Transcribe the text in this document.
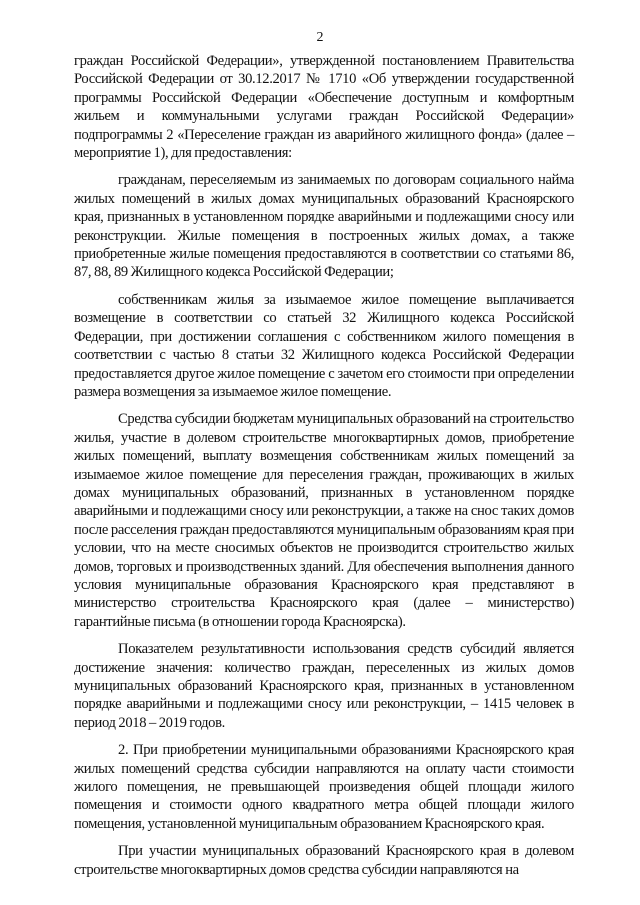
2

граждан Российской Федерации», утвержденной постановлением Правительства Российской Федерации от 30.12.2017 № 1710 «Об утверждении государственной программы Российской Федерации «Обеспечение доступным и комфортным жильем и коммунальными услугами граждан Российской Федерации» подпрограммы 2 «Переселение граждан из аварийного жилищного фонда» (далее – мероприятие 1), для предоставления:

гражданам, переселяемым из занимаемых по договорам социального найма жилых помещений в жилых домах муниципальных образований Красноярского края, признанных в установленном порядке аварийными и подлежащими сносу или реконструкции. Жилые помещения в построенных жилых домах, а также приобретенные жилые помещения предоставляются в соответствии со статьями 86, 87, 88, 89 Жилищного кодекса Российской Федерации;

собственникам жилья за изымаемое жилое помещение выплачивается возмещение в соответствии со статьей 32 Жилищного кодекса Российской Федерации, при достижении соглашения с собственником жилого помещения в соответствии с частью 8 статьи 32 Жилищного кодекса Российской Федерации предоставляется другое жилое помещение с зачетом его стоимости при определении размера возмещения за изымаемое жилое помещение.

Средства субсидии бюджетам муниципальных образований на строительство жилья, участие в долевом строительстве многоквартирных домов, приобретение жилых помещений, выплату возмещения собственникам жилых помещений за изымаемое жилое помещение для переселения граждан, проживающих в жилых домах муниципальных образований, признанных в установленном порядке аварийными и подлежащими сносу или реконструкции, а также на снос таких домов после расселения граждан предоставляются муниципальным образованиям края при условии, что на месте сносимых объектов не производится строительство жилых домов, торговых и производственных зданий. Для обеспечения выполнения данного условия муниципальные образования Красноярского края представляют в министерство строительства Красноярского края (далее – министерство) гарантийные письма (в отношении города Красноярска).

Показателем результативности использования средств субсидий является достижение значения: количество граждан, переселенных из жилых домов муниципальных образований Красноярского края, признанных в установленном порядке аварийными и подлежащими сносу или реконструкции, – 1415 человек в период 2018 – 2019 годов.

2. При приобретении муниципальными образованиями Красноярского края жилых помещений средства субсидии направляются на оплату части стоимости жилого помещения, не превышающей произведения общей площади жилого помещения и стоимости одного квадратного метра общей площади жилого помещения, установленной муниципальным образованием Красноярского края.

При участии муниципальных образований Красноярского края в долевом строительстве многоквартирных домов средства субсидии направляются на
